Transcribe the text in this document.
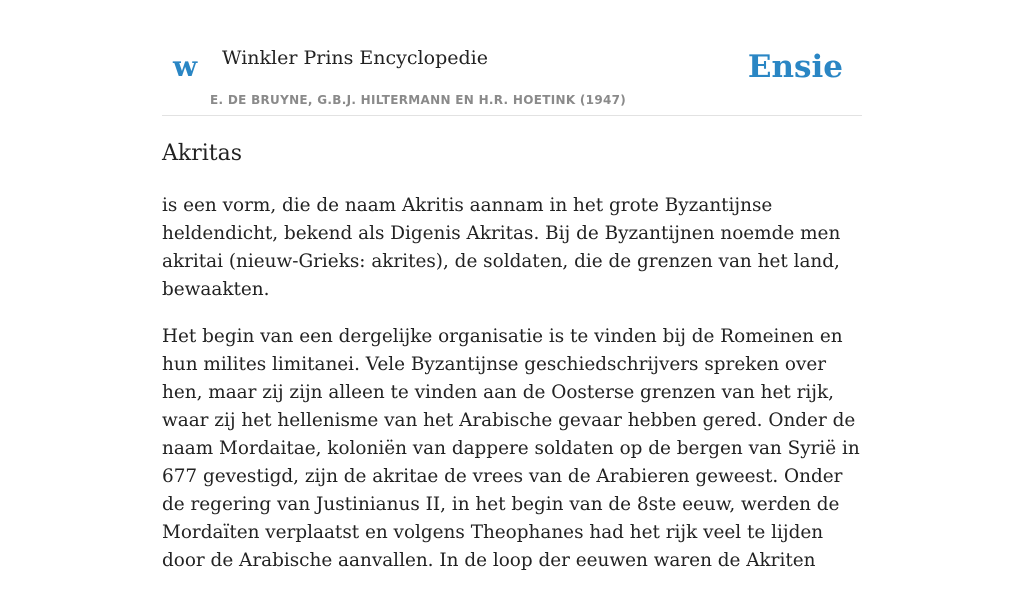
w Winkler Prins Encyclopedie
E. DE BRUYNE, G.B.J. HILTERMANN EN H.R. HOETINK (1947)
Ensie
Akritas

is een vorm, die de naam Akritis aannam in het grote Byzantijnse heldendicht, bekend als Digenis Akritas. Bij de Byzantijnen noemde men akritai (nieuw-Grieks: akrites), de soldaten, die de grenzen van het land, bewaakten.

Het begin van een dergelijke organisatie is te vinden bij de Romeinen en hun milites limitanei. Vele Byzantijnse geschiedschrijvers spreken over hen, maar zij zijn alleen te vinden aan de Oosterse grenzen van het rijk, waar zij het hellenisme van het Arabische gevaar hebben gered. Onder de naam Mordaitae, koloniën van dappere soldaten op de bergen van Syrië in 677 gevestigd, zijn de akritae de vrees van de Arabieren geweest. Onder de regering van Justinianus II, in het begin van de 8ste eeuw, werden de Mordaïten verplaatst en volgens Theophanes had het rijk veel te lijden door de Arabische aanvallen. In de loop der eeuwen waren de Akriten
